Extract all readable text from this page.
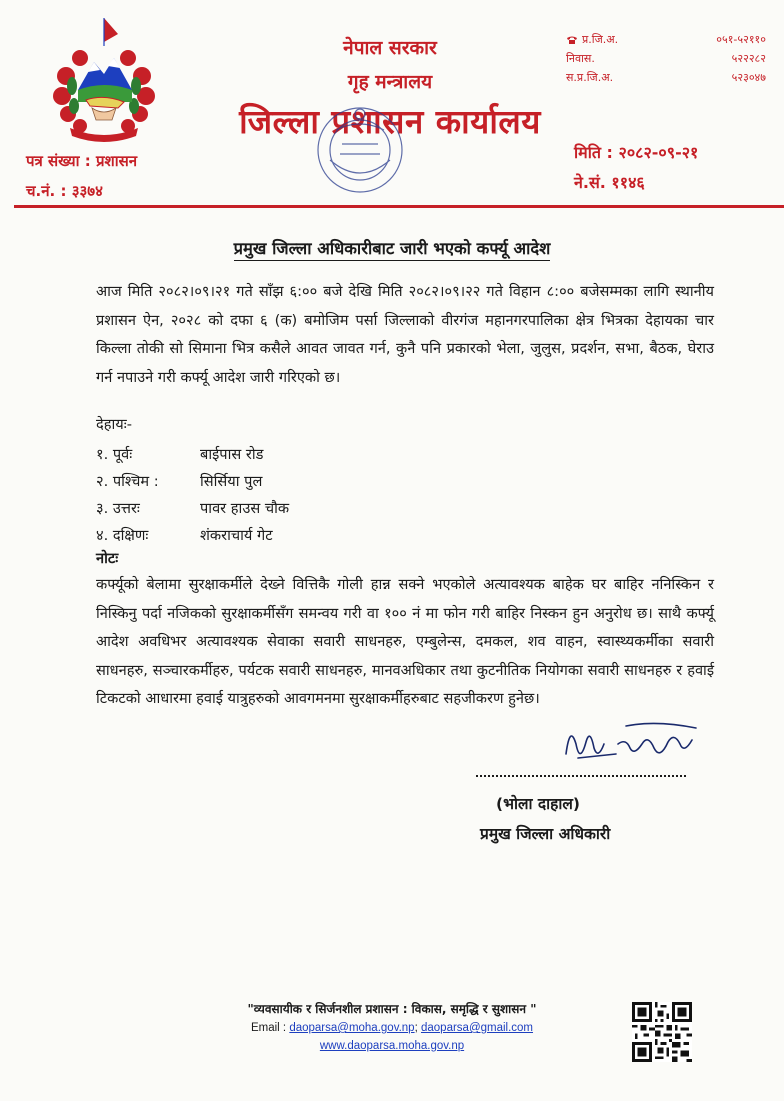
नेपाल सरकार
गृह मन्त्रालय
जिल्ला प्रशासन कार्यालय
प्र.जि.अ.	०५१-५२११०
निवास.	५२२२८२
स.प्र.जि.अ.	५२३०४७
पत्र संख्या : प्रशासन
च.नं. : ३३७४
मिति : २०८२-०९-२१
ने.सं. ११४६
प्रमुख जिल्ला अधिकारीबाट जारी भएको कर्फ्यू आदेश
आज मिति २०८२।०९।२१ गते साँझ ६:०० बजे देखि मिति २०८२।०९।२२ गते विहान ८:०० बजेसम्मका लागि स्थानीय प्रशासन ऐन, २०२८ को दफा ६ (क) बमोजिम पर्सा जिल्लाको वीरगंज महानगरपालिका क्षेत्र भित्रका देहायका चार किल्ला तोकी सो सिमाना भित्र कसैले आवत जावत गर्न, कुनै पनि प्रकारको भेला, जुलुस, प्रदर्शन, सभा, बैठक, घेराउ गर्न नपाउने गरी कर्फ्यू आदेश जारी गरिएको छ।
देहायः-
१. पूर्वः	बाईपास रोड
२. पश्चिम :	सिर्सिया पुल
३. उत्तरः	पावर हाउस चौक
४. दक्षिणः	शंकराचार्य गेट
नोटः
कर्फ्यूको बेलामा सुरक्षाकर्मीले देख्ने वित्तिकै गोली हान्न सक्ने भएकोले अत्यावश्यक बाहेक घर बाहिर ननिस्किन र निस्किनु पर्दा नजिकको सुरक्षाकर्मीसँग समन्वय गरी वा १०० नं मा फोन गरी बाहिर निस्कन हुन अनुरोध छ। साथै कर्फ्यू आदेश अवधिभर अत्यावश्यक सेवाका सवारी साधनहरु, एम्बुलेन्स, दमकल, शव वाहन, स्वास्थ्यकर्मीका सवारी साधनहरु, सञ्चारकर्मीहरु, पर्यटक सवारी साधनहरु, मानवअधिकार तथा कुटनीतिक नियोगका सवारी साधनहरु र हवाई टिकटको आधारमा हवाई यात्रुहरुको आवगमनमा सुरक्षाकर्मीहरुबाट सहजीकरण हुनेछ।
(भोला दाहाल)
प्रमुख जिल्ला अधिकारी
"व्यवसायीक र सिर्जनशील प्रशासन : विकास, समृद्धि र सुशासन "
Email : daoparsa@moha.gov.np; daoparsa@gmail.com
www.daoparsa.moha.gov.np
